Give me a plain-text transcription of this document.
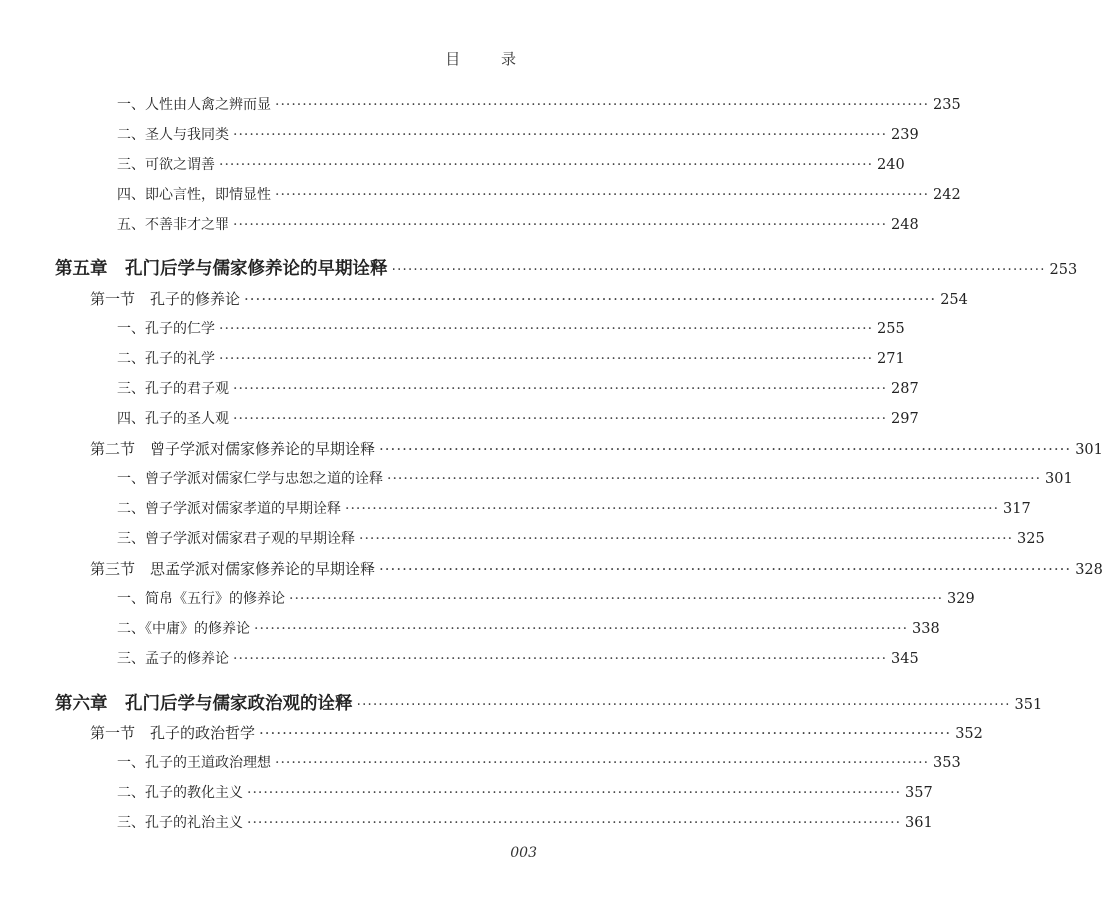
目 录
一、人性由人禽之辨而显 ························································································································ 235
二、圣人与我同类 ························································································································ 239
三、可欲之谓善 ························································································································ 240
四、即心言性，即情显性 ························································································································ 242
五、不善非才之罪 ························································································································ 248
第五章　孔门后学与儒家修养论的早期诠释 ························································································································ 253
第一节　孔子的修养论 ························································································································ 254
一、孔子的仁学 ························································································································ 255
二、孔子的礼学 ························································································································ 271
三、孔子的君子观 ························································································································ 287
四、孔子的圣人观 ························································································································ 297
第二节　曾子学派对儒家修养论的早期诠释 ························································································································ 301
一、曾子学派对儒家仁学与忠恕之道的诠释 ························································································································ 301
二、曾子学派对儒家孝道的早期诠释 ························································································································ 317
三、曾子学派对儒家君子观的早期诠释 ························································································································ 325
第三节　思孟学派对儒家修养论的早期诠释 ························································································································ 328
一、简帛《五行》的修养论 ························································································································ 329
二、《中庸》的修养论 ························································································································ 338
三、孟子的修养论 ························································································································ 345
第六章　孔门后学与儒家政治观的诠释 ························································································································ 351
第一节　孔子的政治哲学 ························································································································ 352
一、孔子的王道政治理想 ························································································································ 353
二、孔子的教化主义 ························································································································ 357
三、孔子的礼治主义 ························································································································ 361
003
